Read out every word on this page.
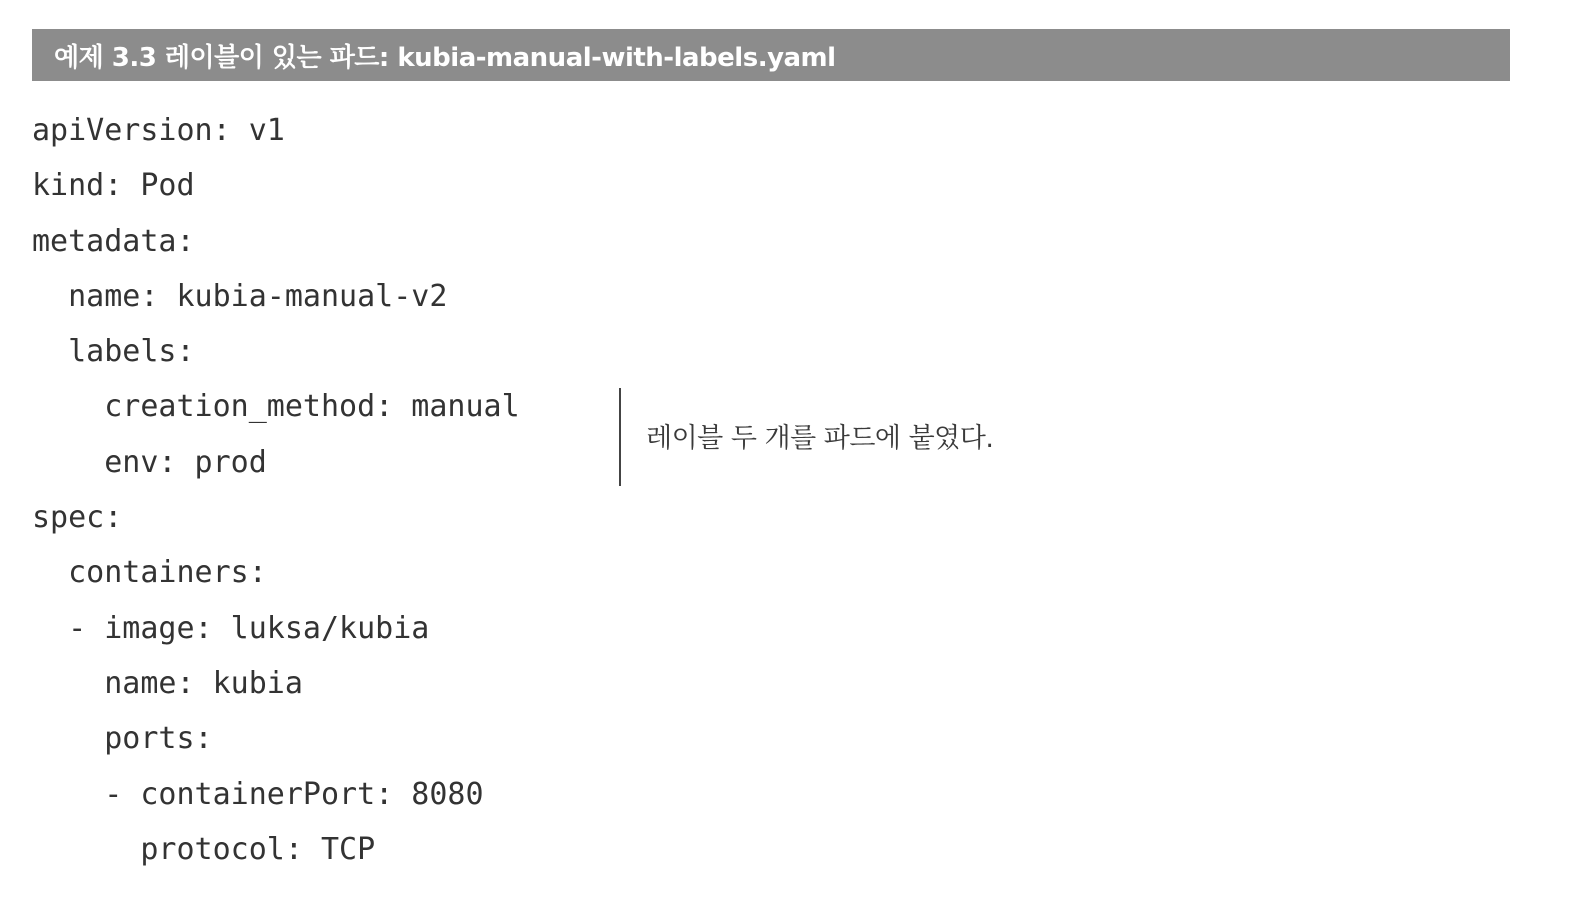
예제 3.3 레이블이 있는 파드: kubia-manual-with-labels.yaml
apiVersion: v1
kind: Pod
metadata:
name: kubia-manual-v2
labels:
creation_method: manual
env: prod
spec:
containers:
- image: luksa/kubia
name: kubia
ports:
- containerPort: 8080
protocol: TCP
레이블 두 개를 파드에 붙였다.
